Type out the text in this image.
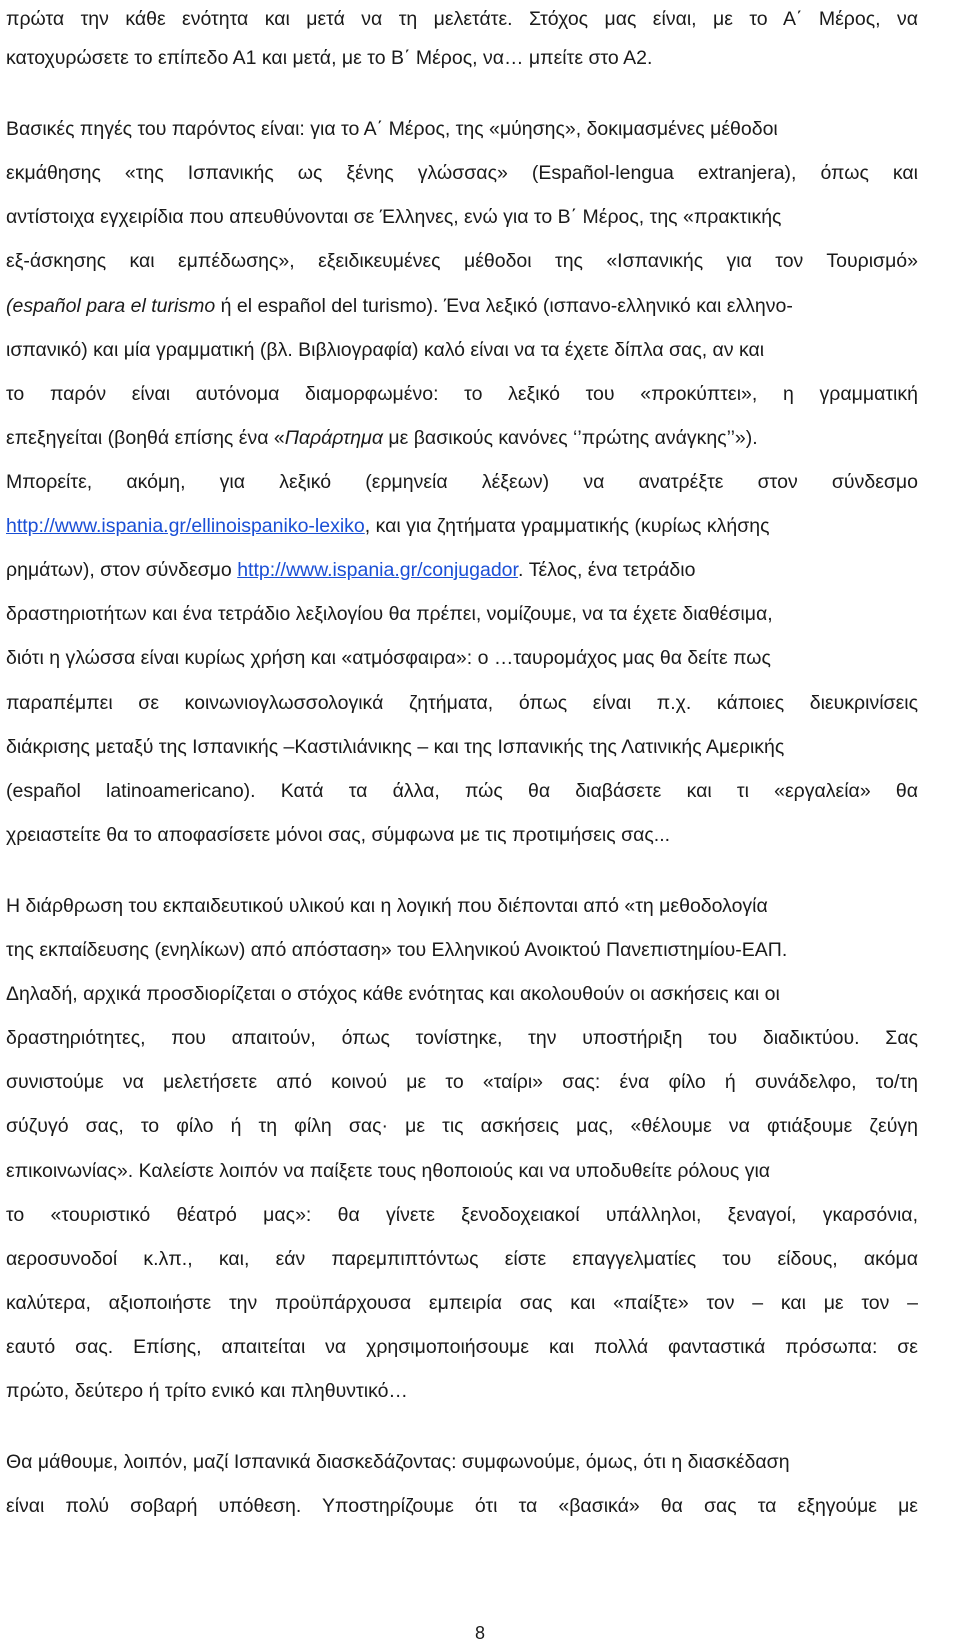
πρώτα την κάθε ενότητα και μετά να τη μελετάτε. Στόχος μας είναι, με το Α΄ Μέρος, να
κατοχυρώσετε το επίπεδο Α1 και μετά, με το Β΄ Μέρος, να… μπείτε στο Α2.
Βασικές πηγές του παρόντος είναι: για το Α΄ Μέρος, της «μύησης», δοκιμασμένες μέθοδοι
εκμάθησης «της Ισπανικής ως ξένης γλώσσας» (Español-lengua extranjera), όπως και
αντίστοιχα εγχειρίδια που απευθύνονται σε Έλληνες, ενώ για το Β΄ Μέρος, της «πρακτικής
εξ-άσκησης και εμπέδωσης», εξειδικευμένες μέθοδοι της «Ισπανικής για τον Τουρισμό»
(español para el turismo ή el español del turismo). Ένα λεξικό (ισπανο-ελληνικό και ελληνο-
ισπανικό) και μία γραμματική (βλ. Βιβλιογραφία) καλό είναι να τα έχετε δίπλα σας, αν και
το παρόν είναι αυτόνομα διαμορφωμένο: το λεξικό του «προκύπτει», η γραμματική
επεξηγείται (βοηθά επίσης ένα «Παράρτημα με βασικούς κανόνες ‘’πρώτης ανάγκης’’»).
Μπορείτε, ακόμη, για λεξικό (ερμηνεία λέξεων) να ανατρέξτε στον σύνδεσμο
http://www.ispania.gr/ellinoispaniko-lexiko, και για ζητήματα γραμματικής (κυρίως κλήσης
ρημάτων), στον σύνδεσμο http://www.ispania.gr/conjugador. Τέλος, ένα τετράδιο
δραστηριοτήτων και ένα τετράδιο λεξιλογίου θα πρέπει, νομίζουμε, να τα έχετε διαθέσιμα,
διότι η γλώσσα είναι κυρίως χρήση και «ατμόσφαιρα»: ο …ταυρομάχος μας θα δείτε πως
παραπέμπει σε κοινωνιογλωσσολογικά ζητήματα, όπως είναι π.χ. κάποιες διευκρινίσεις
διάκρισης μεταξύ της Ισπανικής –Καστιλιάνικης – και της Ισπανικής της Λατινικής Αμερικής
(español latinoamericano). Κατά τα άλλα, πώς θα διαβάσετε και τι «εργαλεία» θα
χρειαστείτε θα το αποφασίσετε μόνοι σας, σύμφωνα με τις προτιμήσεις σας...
Η διάρθρωση του εκπαιδευτικού υλικού και η λογική που διέπονται από «τη μεθοδολογία
της εκπαίδευσης (ενηλίκων) από απόσταση» του Ελληνικού Ανοικτού Πανεπιστημίου-ΕΑΠ.
Δηλαδή, αρχικά προσδιορίζεται ο στόχος κάθε ενότητας και ακολουθούν οι ασκήσεις και οι
δραστηριότητες, που απαιτούν, όπως τονίστηκε, την υποστήριξη του διαδικτύου. Σας
συνιστούμε να μελετήσετε από κοινού με το «ταίρι» σας: ένα φίλο ή συνάδελφο, το/τη
σύζυγό σας, το φίλο ή τη φίλη σας· με τις ασκήσεις μας, «θέλουμε να φτιάξουμε ζεύγη
επικοινωνίας». Καλείστε λοιπόν να παίξετε τους ηθοποιούς και να υποδυθείτε ρόλους για
το «τουριστικό θέατρό μας»: θα γίνετε ξενοδοχειακοί υπάλληλοι, ξεναγοί, γκαρσόνια,
αεροσυνοδοί κ.λπ., και, εάν παρεμπιπτόντως είστε επαγγελματίες του είδους, ακόμα
καλύτερα, αξιοποιήστε την προϋπάρχουσα εμπειρία σας και «παίξτε» τον – και με τον –
εαυτό σας. Επίσης, απαιτείται να χρησιμοποιήσουμε και πολλά φανταστικά πρόσωπα: σε
πρώτο, δεύτερο ή τρίτο ενικό και πληθυντικό…
Θα μάθουμε, λοιπόν, μαζί Ισπανικά διασκεδάζοντας: συμφωνούμε, όμως, ότι η διασκέδαση
είναι πολύ σοβαρή υπόθεση. Υποστηρίζουμε ότι τα «βασικά» θα σας τα εξηγούμε με
8
